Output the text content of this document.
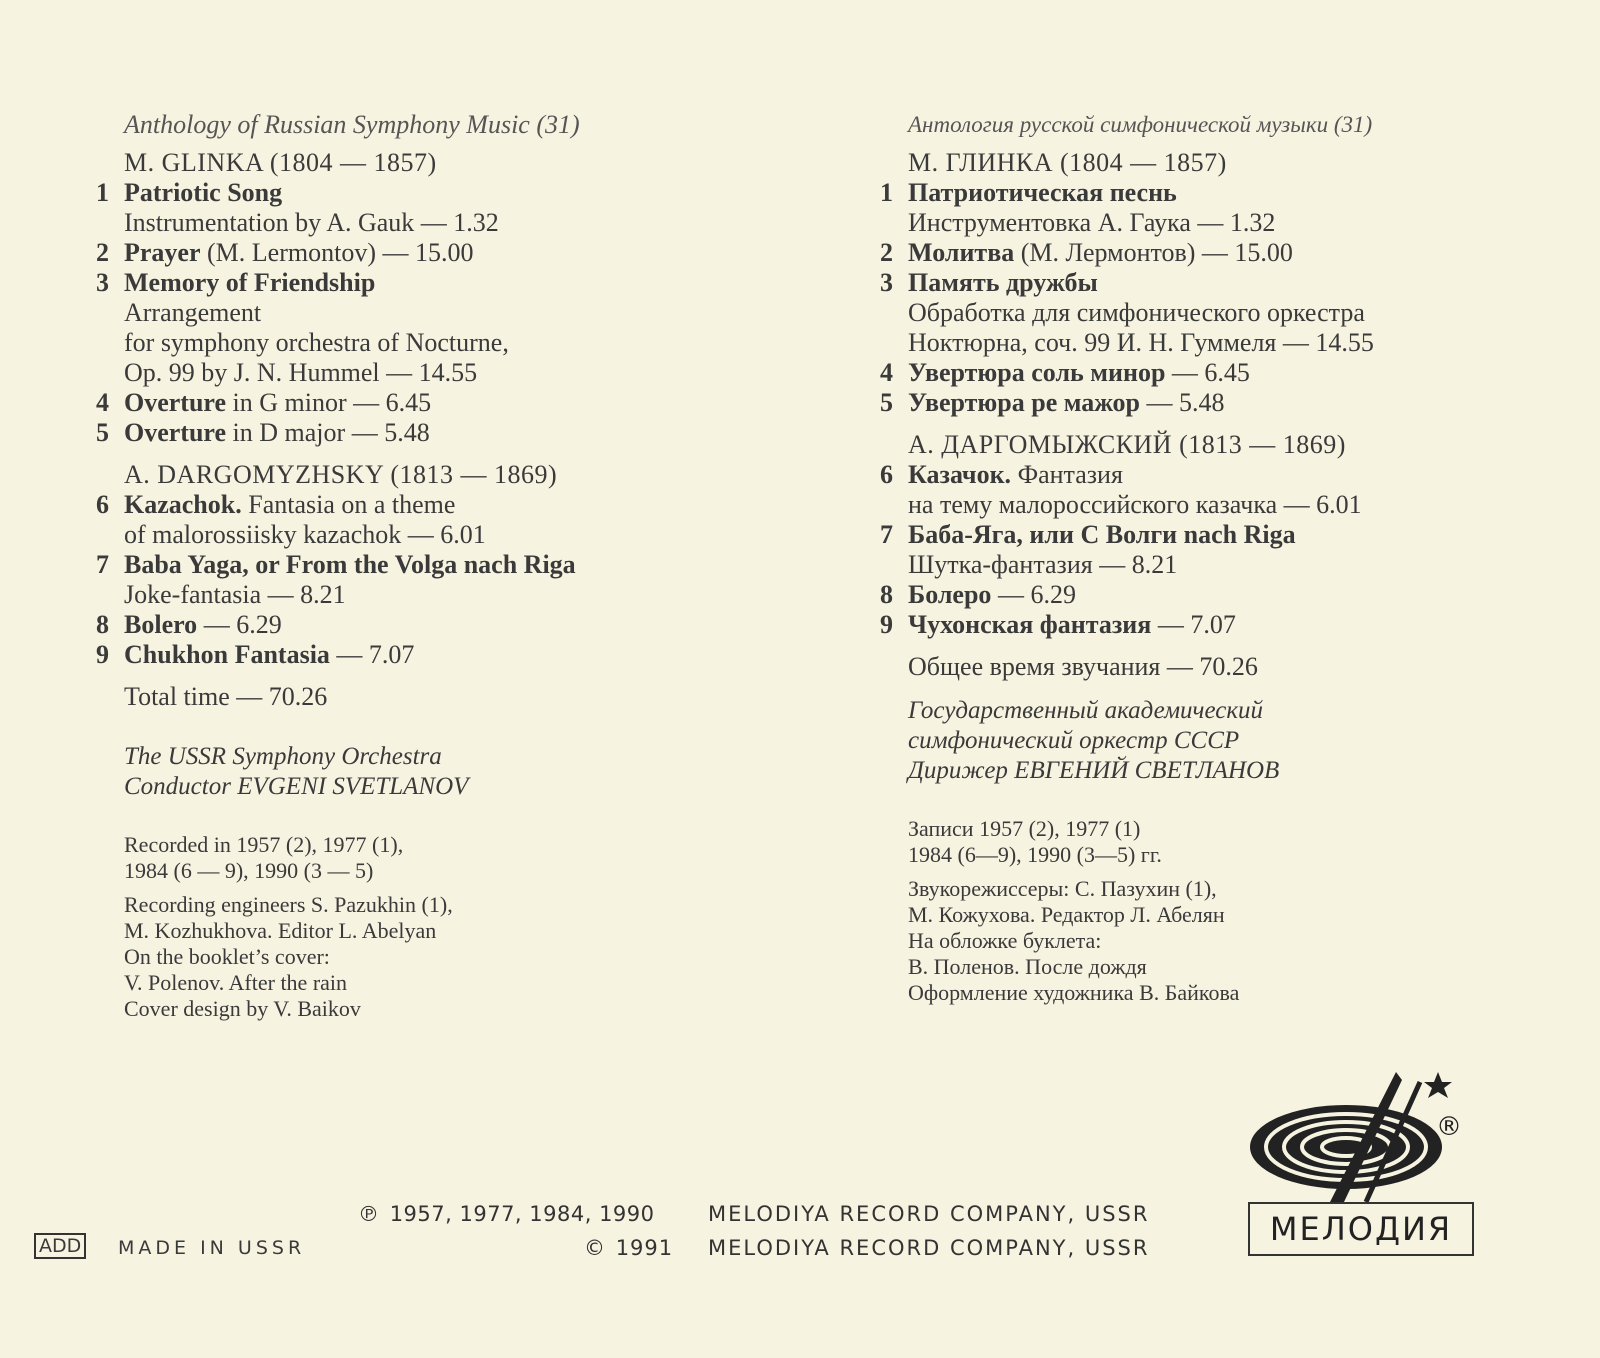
Anthology of Russian Symphony Music (31)
M. GLINKA (1804 — 1857)
1 Patriotic Song
Instrumentation by A. Gauk — 1.32
2 Prayer (M. Lermontov) — 15.00
3 Memory of Friendship
Arrangement
for symphony orchestra of Nocturne,
Op. 99 by J. N. Hummel — 14.55
4 Overture in G minor — 6.45
5 Overture in D major — 5.48
A. DARGOMYZHSKY (1813 — 1869)
6 Kazachok. Fantasia on a theme
of malorossiisky kazachok — 6.01
7 Baba Yaga, or From the Volga nach Riga
Joke-fantasia — 8.21
8 Bolero — 6.29
9 Chukhon Fantasia — 7.07
Total time — 70.26
The USSR Symphony Orchestra
Conductor EVGENI SVETLANOV
Recorded in 1957 (2), 1977 (1),
1984 (6 — 9), 1990 (3 — 5)
Recording engineers S. Pazukhin (1),
M. Kozhukhova. Editor L. Abelyan
On the booklet’s cover:
V. Polenov. After the rain
Cover design by V. Baikov
Антология русской симфонической музыки (31)
М. ГЛИНКА (1804 — 1857)
1 Патриотическая песнь
Инструментовка А. Гаука — 1.32
2 Молитва (М. Лермонтов) — 15.00
3 Память дружбы
Обработка для симфонического оркестра
Ноктюрна, соч. 99 И. Н. Гуммеля — 14.55
4 Увертюра соль минор — 6.45
5 Увертюра ре мажор — 5.48
А. ДАРГОМЫЖСКИЙ (1813 — 1869)
6 Казачок. Фантазия
на тему малороссийского казачка — 6.01
7 Баба-Яга, или С Волги nach Riga
Шутка-фантазия — 8.21
8 Болеро — 6.29
9 Чухонская фантазия — 7.07
Общее время звучания — 70.26
Государственный академический
симфонический оркестр СССР
Дирижер ЕВГЕНИЙ СВЕТЛАНОВ
Записи 1957 (2), 1977 (1)
1984 (6—9), 1990 (3—5) гг.
Звукорежиссеры: С. Пазухин (1),
М. Кожухова. Редактор Л. Абелян
На обложке буклета:
В. Поленов. После дождя
Оформление художника В. Байкова
ADD MADE IN USSR
℗ 1957, 1977, 1984, 1990	MELODIYA RECORD COMPANY, USSR
© 1991 MELODIYA RECORD COMPANY, USSR
®
МЕЛОДИЯ
